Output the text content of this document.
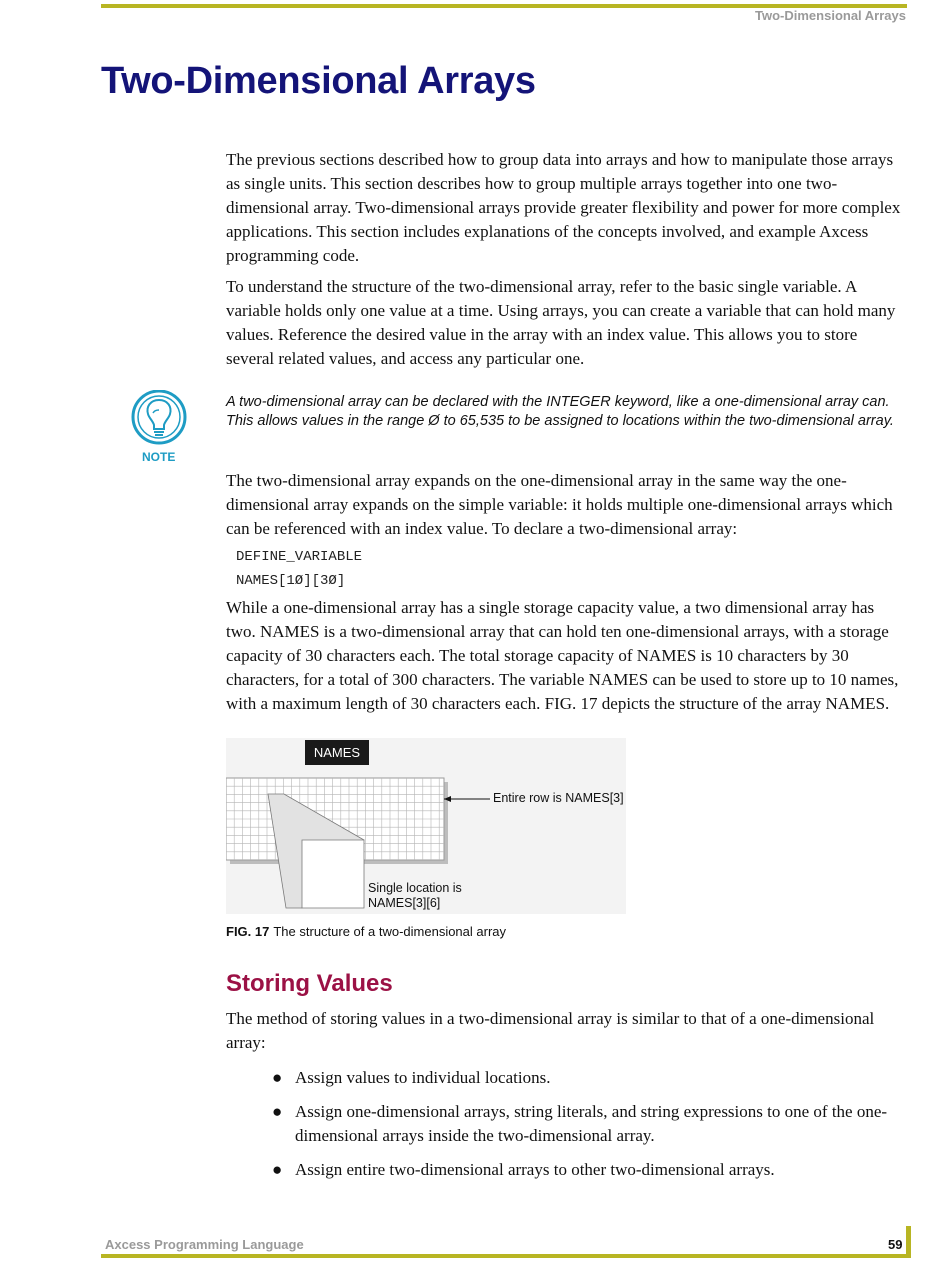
Two-Dimensional Arrays
Two-Dimensional Arrays

The previous sections described how to group data into arrays and how to manipulate those arrays as single units. This section describes how to group multiple arrays together into one two-dimensional array. Two-dimensional arrays provide greater flexibility and power for more complex applications. This section includes explanations of the concepts involved, and example Axcess programming code.

To understand the structure of the two-dimensional array, refer to the basic single variable. A variable holds only one value at a time. Using arrays, you can create a variable that can hold many values. Reference the desired value in the array with an index value. This allows you to store several related values, and access any particular one.

NOTE
A two-dimensional array can be declared with the INTEGER keyword, like a one-dimensional array can. This allows values in the range Ø to 65,535 to be assigned to locations within the two-dimensional array.

The two-dimensional array expands on the one-dimensional array in the same way the one-dimensional array expands on the simple variable: it holds multiple one-dimensional arrays which can be referenced with an index value. To declare a two-dimensional array:

DEFINE_VARIABLE
NAMES[1Ø][3Ø]

While a one-dimensional array has a single storage capacity value, a two dimensional array has two. NAMES is a two-dimensional array that can hold ten one-dimensional arrays, with a storage capacity of 30 characters each. The total storage capacity of NAMES is 10 characters by 30 characters, for a total of 300 characters. The variable NAMES can be used to store up to 10 names, with a maximum length of 30 characters each. FIG. 17 depicts the structure of the array NAMES.

NAMES
Entire row is NAMES[3]
Single location is
NAMES[3][6]
FIG. 17 The structure of a two-dimensional array
Storing Values

The method of storing values in a two-dimensional array is similar to that of a one-dimensional array:

● Assign values to individual locations.
● Assign one-dimensional arrays, string literals, and string expressions to one of the one-dimensional arrays inside the two-dimensional array.
● Assign entire two-dimensional arrays to other two-dimensional arrays.
Axcess Programming Language	59
